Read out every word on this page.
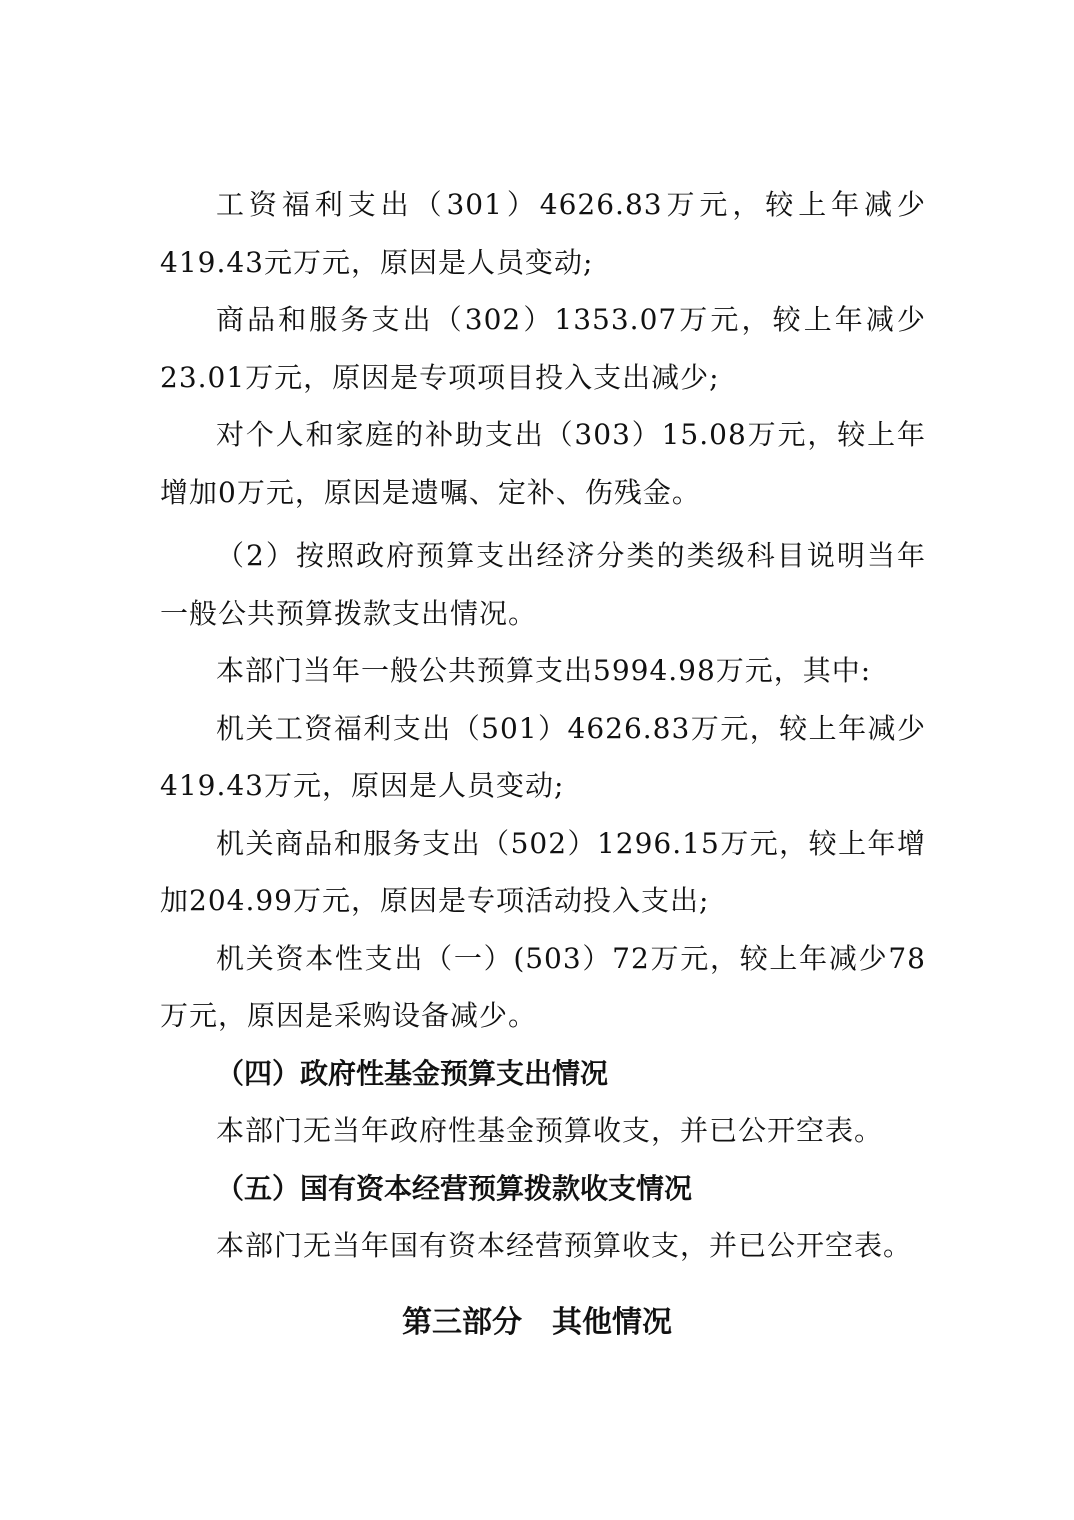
工资福利支出（301）4626.83万元，较上年减少419.43元万元，原因是人员变动;

商品和服务支出（302）1353.07万元，较上年减少23.01万元，原因是专项项目投入支出减少;

对个人和家庭的补助支出（303）15.08万元，较上年增加0万元，原因是遗嘱、定补、伤残金。

（2）按照政府预算支出经济分类的类级科目说明当年一般公共预算拨款支出情况。

本部门当年一般公共预算支出5994.98万元，其中:

机关工资福利支出（501）4626.83万元，较上年减少419.43万元，原因是人员变动;

机关商品和服务支出（502）1296.15万元，较上年增加204.99万元，原因是专项活动投入支出;

机关资本性支出（一）(503）72万元，较上年减少78万元，原因是采购设备减少。

（四）政府性基金预算支出情况

本部门无当年政府性基金预算收支，并已公开空表。

（五）国有资本经营预算拨款收支情况

本部门无当年国有资本经营预算收支，并已公开空表。

第三部分　其他情况
